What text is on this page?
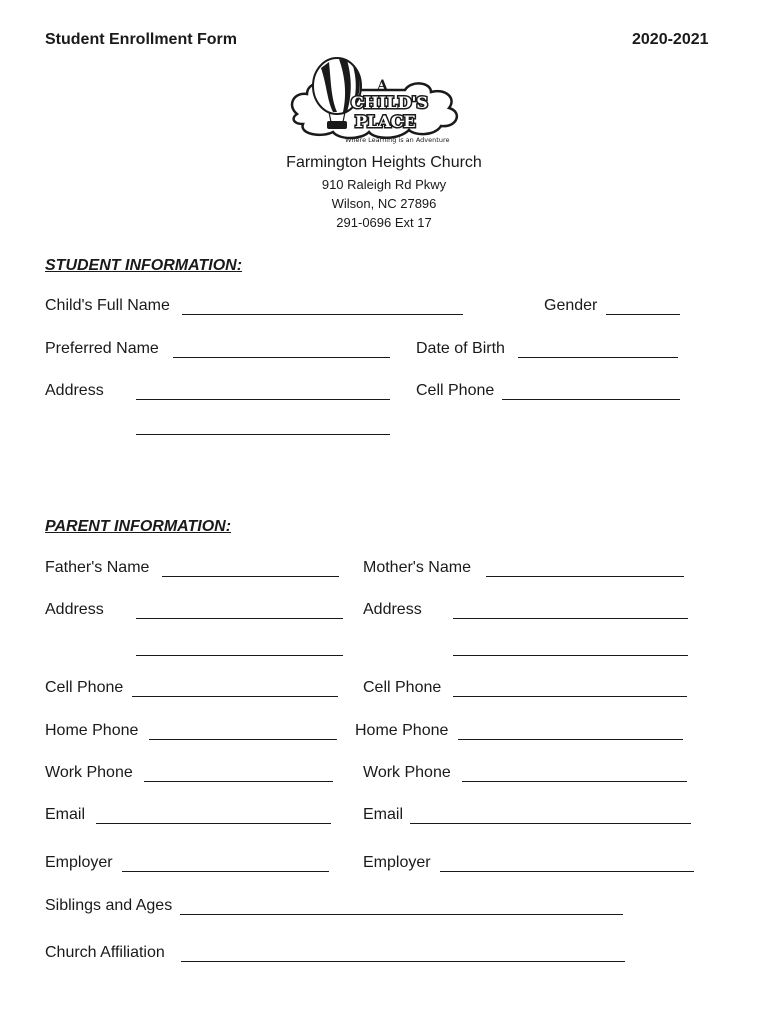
Student Enrollment Form	2020-2021
A
CHILD'S
PLACE
Where Learning is an Adventure
Farmington Heights Church
910 Raleigh Rd Pkwy
Wilson, NC 27896
291-0696 Ext 17
STUDENT INFORMATION:
Child's Full Name	Gender
Preferred Name	Date of Birth
Address	Cell Phone
PARENT INFORMATION:
Father's Name	Mother's Name
Address	Address
Cell Phone	Cell Phone
Home Phone	Home Phone
Work Phone	Work Phone
Email	Email
Employer	Employer
Siblings and Ages
Church Affiliation
